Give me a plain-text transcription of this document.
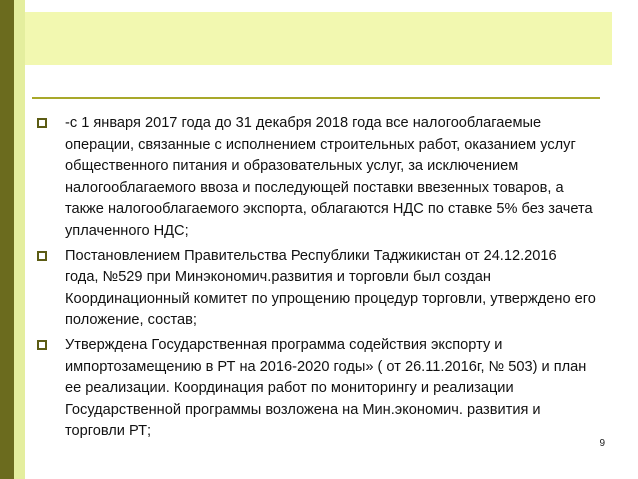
-с 1 января 2017 года до 31 декабря 2018 года все налогооблагаемые
операции, связанные с исполнением строительных работ, оказанием услуг
общественного питания и образовательных услуг, за исключением
налогооблагаемого ввоза и последующей поставки ввезенных товаров, а
также налогооблагаемого экспорта, облагаются НДС по ставке 5% без зачета
уплаченного НДС;
Постановлением Правительства Республики Таджикистан от 24.12.2016
года, №529 при Минэкономич.развития и торговли был создан
Координационный комитет по упрощению процедур торговли, утверждено его
положение, состав;
Утверждена Государственная программа содействия экспорту и
импортозамещению в РТ на 2016-2020 годы» ( от 26.11.2016г, № 503) и план
ее реализации. Координация работ по мониторингу и реализации
Государственной программы возложена на Мин.экономич. развития и
торговли РТ;
9
